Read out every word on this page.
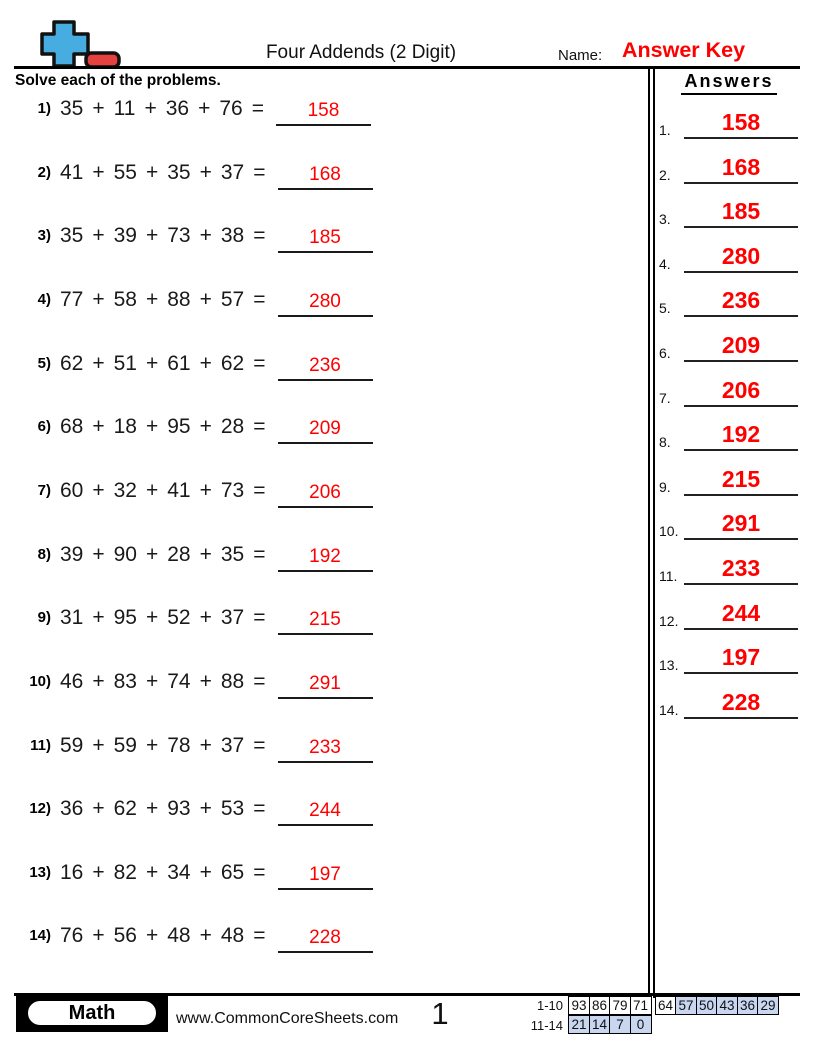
Four Addends (2 Digit)	Name: Answer Key
Solve each of the problems.
1) 35 + 11 + 36 + 76 =	158
2) 41 + 55 + 35 + 37 =	168
3) 35 + 39 + 73 + 38 =	185
4) 77 + 58 + 88 + 57 =	280
5) 62 + 51 + 61 + 62 =	236
6) 68 + 18 + 95 + 28 =	209
7) 60 + 32 + 41 + 73 =	206
8) 39 + 90 + 28 + 35 =	192
9) 31 + 95 + 52 + 37 =	215
10) 46 + 83 + 74 + 88 =	291
11) 59 + 59 + 78 + 37 =	233
12) 36 + 62 + 93 + 53 =	244
13) 16 + 82 + 34 + 65 =	197
14) 76 + 56 + 48 + 48 =	228
Answers
1.	158
2.	168
3.	185
4.	280
5.	236
6.	209
7.	206
8.	192
9.	215
10.	291
11.	233
12.	244
13.	197
14.	228
Math	www.CommonCoreSheets.com	1	1-10 93 86 79 71 64 57 50 43 36 29
11-14 21 14 7 0
